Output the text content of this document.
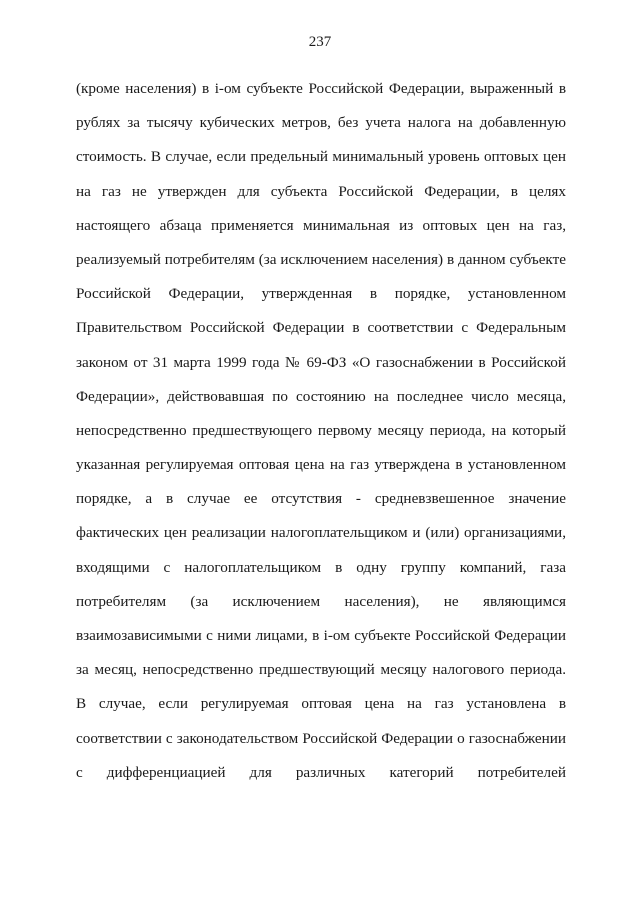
237
(кроме населения) в i-ом субъекте Российской Федерации, выраженный в
рублях за тысячу кубических метров, без учета налога на добавленную
стоимость. В случае, если предельный минимальный уровень оптовых цен
на газ не утвержден для субъекта Российской Федерации, в целях
настоящего абзаца применяется минимальная из оптовых цен на газ,
реализуемый потребителям (за исключением населения) в данном субъекте
Российской Федерации, утвержденная в порядке, установленном
Правительством Российской Федерации в соответствии с Федеральным
законом от 31 марта 1999 года № 69-ФЗ «О газоснабжении в Российской
Федерации», действовавшая по состоянию на последнее число месяца,
непосредственно предшествующего первому месяцу периода, на который
указанная регулируемая оптовая цена на газ утверждена в установленном
порядке, а в случае ее отсутствия - средневзвешенное значение
фактических цен реализации налогоплательщиком и (или) организациями,
входящими с налогоплательщиком в одну группу компаний, газа
потребителям (за исключением населения), не являющимся
взаимозависимыми с ними лицами, в i-ом субъекте Российской Федерации
за месяц, непосредственно предшествующий месяцу налогового периода.
В случае, если регулируемая оптовая цена на газ установлена в
соответствии с законодательством Российской Федерации о газоснабжении
с дифференциацией для различных категорий потребителей
